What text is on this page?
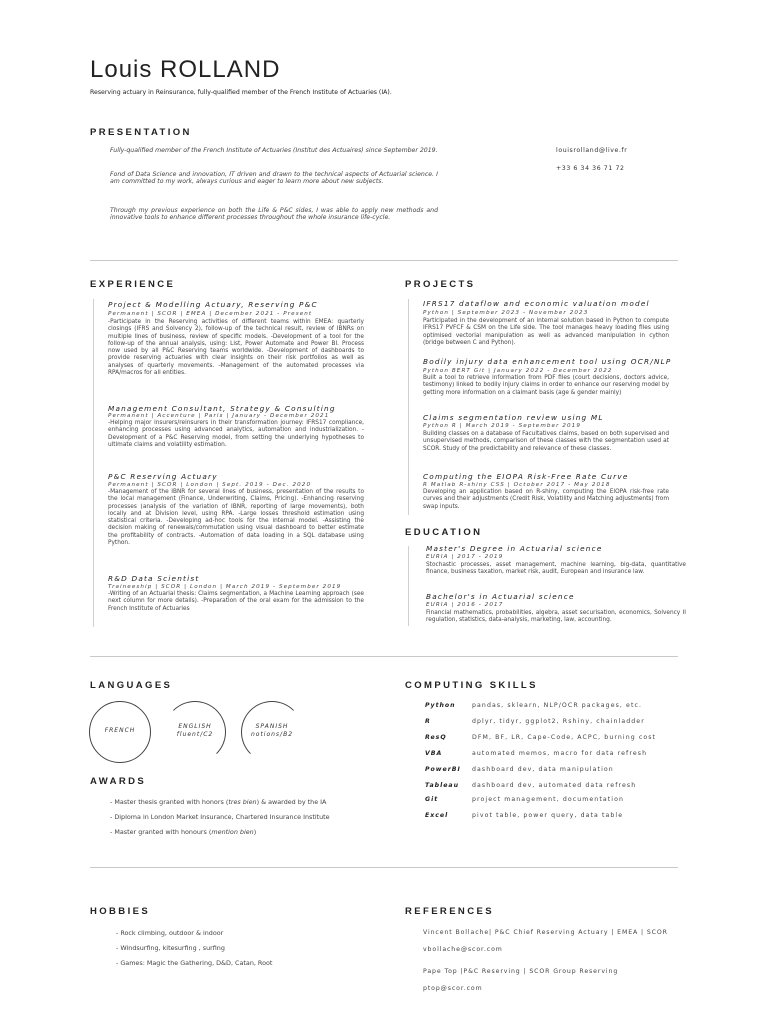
Louis ROLLAND
Reserving actuary in Reinsurance, fully-qualified member of the French Institute of Actuaries (IA).
PRESENTATION
Fully-qualified member of the French Institute of Actuaries (Institut des Actuaires) since September 2019.
Fond of Data Science and innovation, IT driven and drawn to the technical aspects of Actuarial science. I am committed to my work, always curious and eager to learn more about new subjects.
Through my previous experience on both the Life & P&C sides, I was able to apply new methods and innovative tools to enhance different processes throughout the whole insurance life-cycle.
louisrolland@live.fr
+33 6 34 36 71 72
EXPERIENCE
Project & Modelling Actuary, Reserving P&C
Permanent | SCOR | EMEA | December 2021 - Present
-Participate in the Reserving activities of different teams within EMEA: quarterly closings (IFRS and Solvency 2), follow-up of the technical result, review of IBNRs on multiple lines of business, review of specific models. -Development of a tool for the follow-up of the annual analysis, using: List, Power Automate and Power BI. Process now used by all P&C Reserving teams worldwide. -Development of dashboards to provide reserving actuaries with clear insights on their risk portfolios as well as analyses of quarterly movements. -Management of the automated processes via RPA/macros for all entities.
Management Consultant, Strategy & Consulting
Permanent | Accenture | Paris | January - December 2021
-Helping major insurers/reinsurers in their transformation journey: IFRS17 compliance, enhancing processes using advanced analytics, automation and industrialization. -Development of a P&C Reserving model, from setting the underlying hypotheses to ultimate claims and volatility estimation.
P&C Reserving Actuary
Permanent | SCOR | London | Sept. 2019 - Dec. 2020
-Management of the IBNR for several lines of business, presentation of the results to the local management (Finance, Underwriting, Claims, Pricing). -Enhancing reserving processes (analysis of the variation of IBNR, reporting of large movements), both locally and at Division level, using RPA. -Large losses threshold estimation using statistical criteria. -Developing ad-hoc tools for the internal model. -Assisting the decision making of renewals/commutation using visual dashboard to better estimate the profitability of contracts. -Automation of data loading in a SQL database using Python.
R&D Data Scientist
Traineeship | SCOR | London | March 2019 - September 2019
-Writing of an Actuarial thesis: Claims segmentation, a Machine Learning approach (see next column for more details). -Preparation of the oral exam for the admission to the French Institute of Actuaries
PROJECTS
IFRS17 dataflow and economic valuation model
Python | September 2023 - November 2023
Participated in the development of an internal solution based in Python to compute IFRS17 PVFCF & CSM on the Life side. The tool manages heavy loading files using optimised vectorial manipulation as well as advanced manipulation in cython (bridge between C and Python).
Bodily injury data enhancement tool using OCR/NLP
Python BERT Git | January 2022 - December 2022
Built a tool to retrieve information from PDF files (court decisions, doctors advice, testimony) linked to bodily injury claims in order to enhance our reserving model by getting more information on a claimant basis (age & gender mainly)
Claims segmentation review using ML
Python R | March 2019 - September 2019
Building classes on a database of Facultatives claims, based on both supervised and unsupervised methods, comparison of these classes with the segmentation used at SCOR. Study of the predictability and relevance of these classes.
Computing the EIOPA Risk-Free Rate Curve
R Matlab R-shiny CSS | October 2017 - May 2018
Developing an application based on R-shiny, computing the EIOPA risk-free rate curves and their adjustments (Credit Risk, Volatility and Matching adjustments) from swap inputs.
EDUCATION
Master's Degree in Actuarial science
EURIA | 2017 - 2019
Stochastic processes, asset management, machine learning, big-data, quantitative finance, business taxation, market risk, audit, European and insurance law.
Bachelor's in Actuarial science
EURIA | 2016 - 2017
Financial mathematics, probabilities, algebra, asset securisation, economics, Solvency II regulation, statistics, data-analysis, marketing, law, accounting.
LANGUAGES
FRENCH
ENGLISH
fluent/C2
SPANISH
notions/B2
AWARDS
- Master thesis granted with honors (tres bien) & awarded by the IA
- Diploma in London Market Insurance, Chartered Insurance Institute
- Master granted with honours (mention bien)
COMPUTING SKILLS
Python	pandas, sklearn, NLP/OCR packages, etc.
R	dplyr, tidyr, ggplot2, Rshiny, chainladder
ResQ	DFM, BF, LR, Cape-Code, ACPC, burning cost
VBA	automated memos, macro for data refresh
PowerBI dashboard dev, data manipulation
Tableau dashboard dev, automated data refresh
Git	project management, documentation
Excel	pivot table, power query, data table
HOBBIES
- Rock climbing, outdoor & indoor
- Windsurfing, kitesurfing , surfing
- Games: Magic the Gathering, D&D, Catan, Root
REFERENCES
Vincent Bollache| P&C Chief Reserving Actuary | EMEA | SCOR
vbollache@scor.com
Pape Top |P&C Reserving | SCOR Group Reserving
ptop@scor.com
